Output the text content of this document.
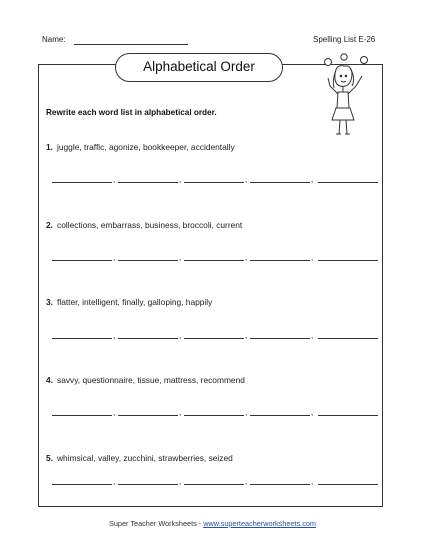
Name:	Spelling List E-26
Alphabetical Order
Rewrite each word list in alphabetical order.
1. juggle, traffic, agonize, bookkeeper, accidentally
,	,	,	,
2. collections, embarrass, business, broccoli, current
,	,	,	,
3. flatter, intelligent, finally, galloping, happily
,	,	,	,
4. savvy, questionnaire, tissue, mattress, recommend
,	,	,	,
5. whimsical, valley, zucchini, strawberries, seized
,	,	,	,
Super Teacher Worksheets - www.superteacherworksheets.com
